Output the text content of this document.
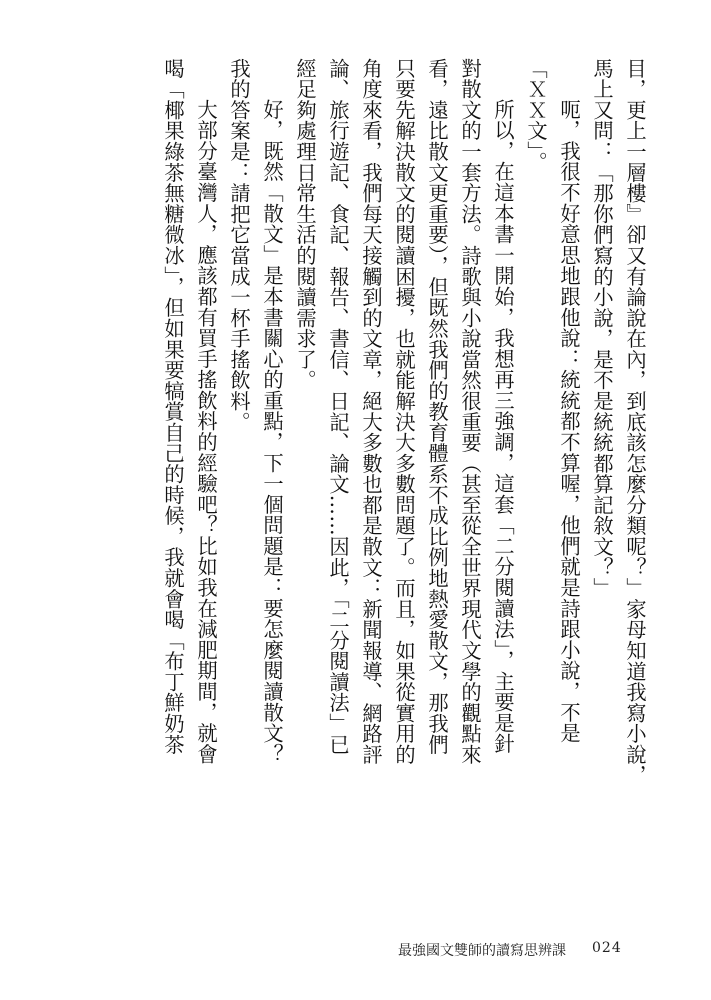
目，更上一層樓』卻又有論說在內，到底該怎麼分類呢？」家母知道我寫小說，

馬上又問：「那你們寫的小說，是不是統統都算記敘文？」

呃，我很不好意思地跟他說：統統都不算喔，他們就是詩跟小說，不是

「ＸＸ文」。

所以，在這本書一開始，我想再三強調，這套「二分閱讀法」，主要是針

對散文的一套方法。詩歌與小說當然很重要（甚至從全世界現代文學的觀點來

看，遠比散文更重要），但既然我們的教育體系不成比例地熱愛散文，那我們

只要先解決散文的閱讀困擾，也就能解決大多數問題了。而且，如果從實用的

角度來看，我們每天接觸到的文章，絕大多數也都是散文：新聞報導、網路評

論、旅行遊記、食記、報告、書信、日記、論文……因此，「二分閱讀法」已

經足夠處理日常生活的閱讀需求了。

好，既然「散文」是本書關心的重點，下一個問題是：要怎麼閱讀散文？

我的答案是：請把它當成一杯手搖飲料。

大部分臺灣人，應該都有買手搖飲料的經驗吧？比如我在減肥期間，就會

喝「椰果綠茶無糖微冰」，但如果要犒賞自己的時候，我就會喝「布丁鮮奶茶

最強國文雙師的讀寫思辨課 024
